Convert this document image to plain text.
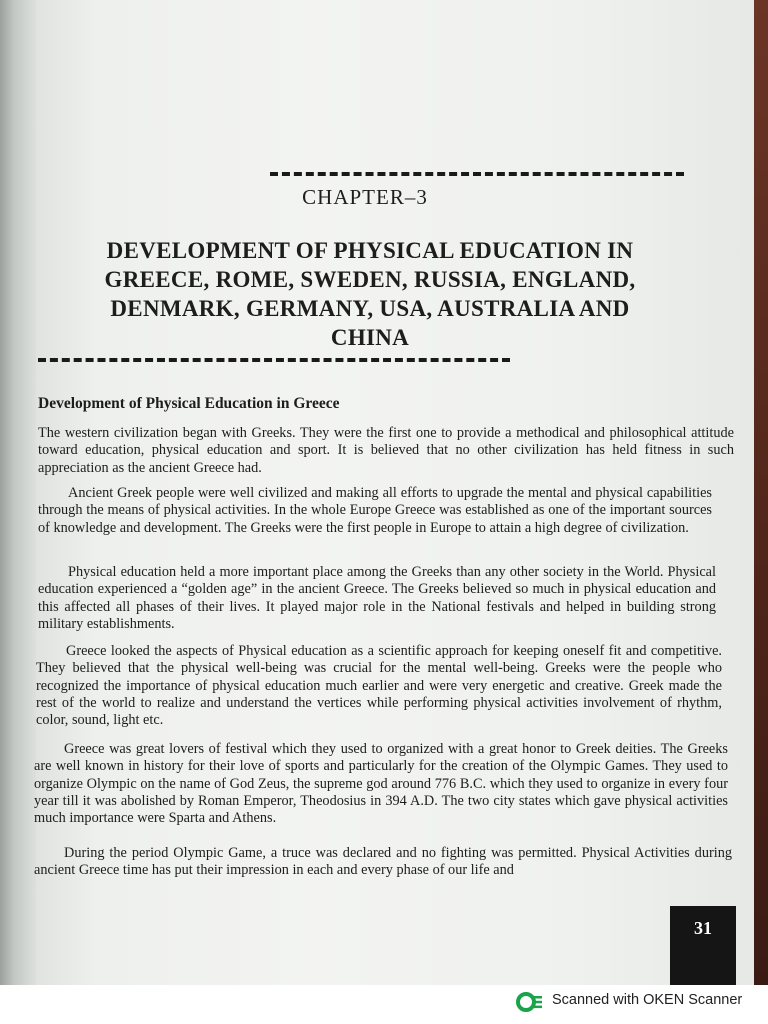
CHAPTER–3
DEVELOPMENT OF PHYSICAL EDUCATION IN GREECE, ROME, SWEDEN, RUSSIA, ENGLAND, DENMARK, GERMANY, USA, AUSTRALIA AND CHINA
Development of Physical Education in Greece

The western civilization began with Greeks. They were the first one to provide a methodical and philosophical attitude toward education, physical education and sport. It is believed that no other civilization has held fitness in such appreciation as the ancient Greece had.

Ancient Greek people were well civilized and making all efforts to upgrade the mental and physical capabilities through the means of physical activities. In the whole Europe Greece was established as one of the important sources of knowledge and development. The Greeks were the first people in Europe to attain a high degree of civilization.

Physical education held a more important place among the Greeks than any other society in the World. Physical education experienced a “golden age” in the ancient Greece. The Greeks believed so much in physical education and this affected all phases of their lives. It played major role in the National festivals and helped in building strong military establishments.

Greece looked the aspects of Physical education as a scientific approach for keeping oneself fit and competitive. They believed that the physical well-being was crucial for the mental well-being. Greeks were the people who recognized the importance of physical education much earlier and were very energetic and creative. Greek made the rest of the world to realize and understand the vertices while performing physical activities involvement of rhythm, color, sound, light etc.

Greece was great lovers of festival which they used to organized with a great honor to Greek deities. The Greeks are well known in history for their love of sports and particularly for the creation of the Olympic Games. They used to organize Olympic on the name of God Zeus, the supreme god around 776 B.C. which they used to organize in every four year till it was abolished by Roman Emperor, Theodosius in 394 A.D. The two city states which gave physical activities much importance were Sparta and Athens.

During the period Olympic Game, a truce was declared and no fighting was permitted. Physical Activities during ancient Greece time has put their impression in each and every phase of our life and

31
Scanned with OKEN Scanner
